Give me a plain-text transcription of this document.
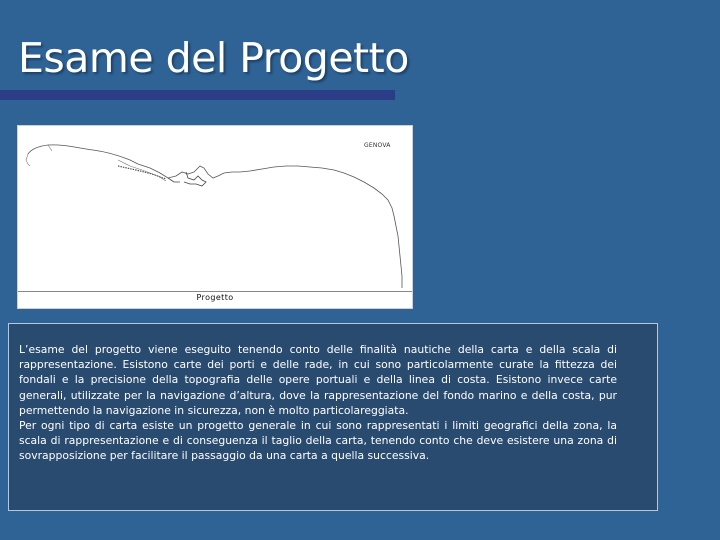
Esame del Progetto
GENOVA
Progetto

L’esame del progetto viene eseguito tenendo conto delle finalità nautiche della carta e della scala di rappresentazione. Esistono carte dei porti e delle rade, in cui sono particolarmente curate la fittezza dei fondali e la precisione della topografia delle opere portuali e della linea di costa. Esistono invece carte generali, utilizzate per la navigazione d’altura, dove la rappresentazione del fondo marino e della costa, pur permettendo la navigazione in sicurezza, non è molto particolareggiata.
Per ogni tipo di carta esiste un progetto generale in cui sono rappresentati i limiti geografici della zona, la scala di rappresentazione e di conseguenza il taglio della carta, tenendo conto che deve esistere una zona di sovrapposizione per facilitare il passaggio da una carta a quella successiva.
